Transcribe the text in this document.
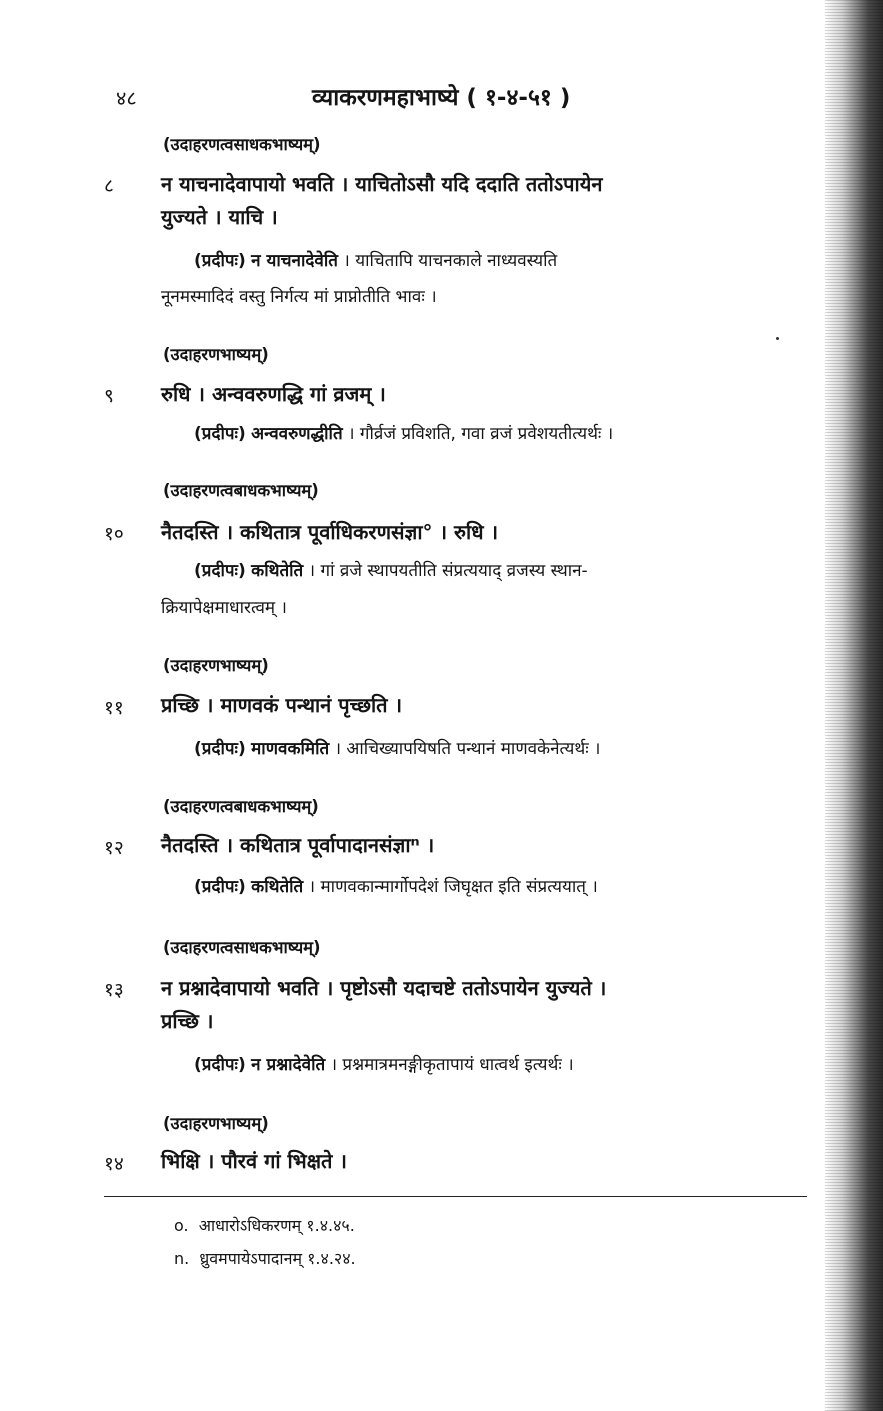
४८	व्याकरणमहाभाष्ये ( १-४-५१ )
(उदाहरणत्वसाधकभाष्यम्)
८ न याचनादेवापायो भवति । याचितोऽसौ यदि ददाति ततोऽपायेन
युज्यते । याचि ।
(प्रदीपः) न याचनादेवेति । याचितापि याचनकाले नाध्यवस्यति
नूनमस्मादिदं वस्तु निर्गत्य मां प्राप्नोतीति भावः ।
(उदाहरणभाष्यम्)
९ रुधि । अन्ववरुणद्धि गां व्रजम् ।
(प्रदीपः) अन्ववरुणद्धीति । गौर्व्रजं प्रविशति, गवा व्रजं प्रवेशयतीत्यर्थः ।
(उदाहरणत्वबाधकभाष्यम्)
१० नैतदस्ति । कथितात्र पूर्वाधिकरणसंज्ञा° । रुधि ।
(प्रदीपः) कथितेति । गां व्रजे स्थापयतीति संप्रत्ययाद् व्रजस्य स्थान-
क्रियापेक्षमाधारत्वम् ।
(उदाहरणभाष्यम्)
११ प्रच्छि । माणवकं पन्थानं पृच्छति ।
(प्रदीपः) माणवकमिति । आचिख्यापयिषति पन्थानं माणवकेनेत्यर्थः ।
(उदाहरणत्वबाधकभाष्यम्)
१२ नैतदस्ति । कथितात्र पूर्वापादानसंज्ञाⁿ ।
(प्रदीपः) कथितेति । माणवकान्मार्गोपदेशं जिघृक्षत इति संप्रत्ययात् ।
(उदाहरणत्वसाधकभाष्यम्)
१३ न प्रश्नादेवापायो भवति । पृष्टोऽसौ यदाचष्टे ततोऽपायेन युज्यते ।
प्रच्छि ।
(प्रदीपः) न प्रश्नादेवेति । प्रश्नमात्रमनङ्गीकृतापायं धात्वर्थ इत्यर्थः ।
(उदाहरणभाष्यम्)
१४ भिक्षि । पौरवं गां भिक्षते ।
o. आधारोऽधिकरणम् १.४.४५.
n. ध्रुवमपायेऽपादानम् १.४.२४.
